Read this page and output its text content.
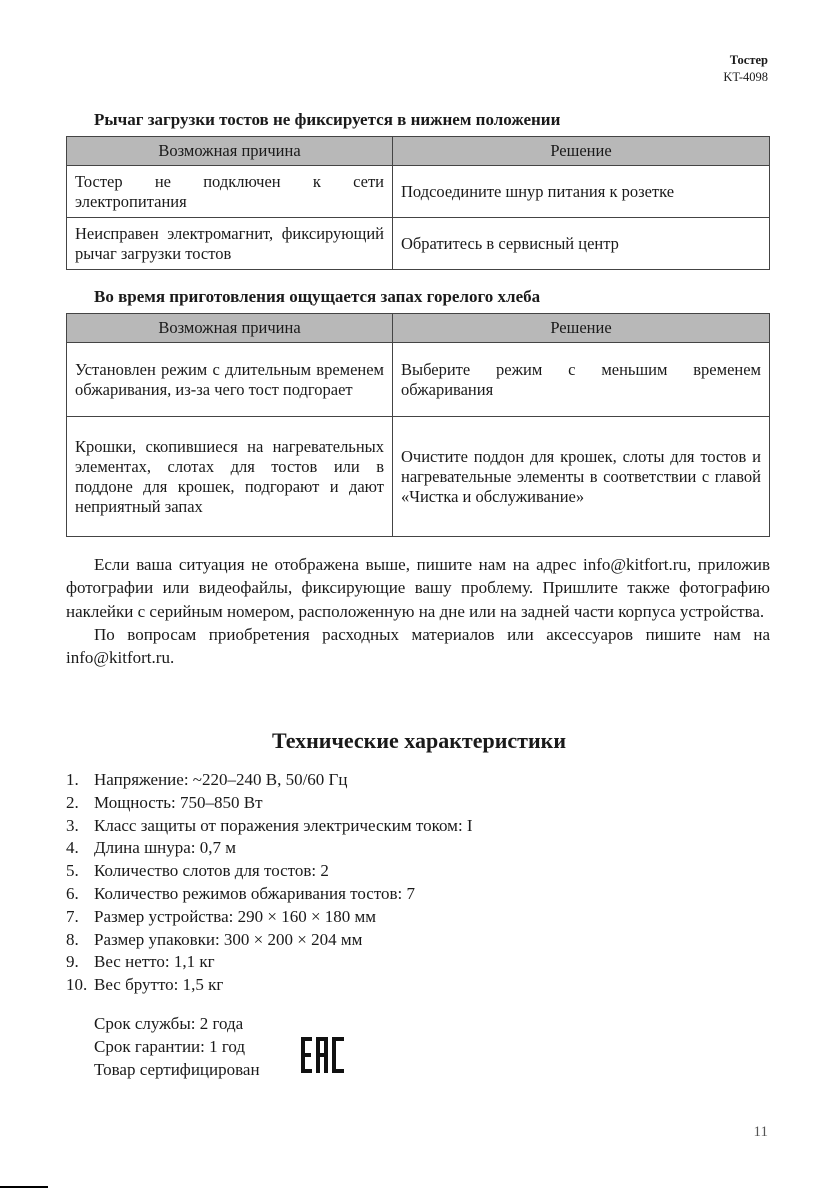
Тостер
KT-4098
Рычаг загрузки тостов не фиксируется в нижнем положении
Возможная причина	Решение
Тостер не подключен к сети электропитания	Подсоедините шнур питания к розетке
Неисправен электромагнит, фиксирующий рычаг загрузки тостов	Обратитесь в сервисный центр
Во время приготовления ощущается запах горелого хлеба
Возможная причина	Решение
Установлен режим с длительным временем обжаривания, из-за чего тост подгорает	Выберите режим с меньшим временем обжаривания
Крошки, скопившиеся на нагревательных элементах, слотах для тостов или в поддоне для крошек, подгорают и дают неприятный запах	Очистите поддон для крошек, слоты для тостов и нагревательные элементы в соответствии с главой «Чистка и обслуживание»

Если ваша ситуация не отображена выше, пишите нам на адрес info@kitfort.ru, приложив фотографии или видеофайлы, фиксирующие вашу проблему. Пришлите также фотографию наклейки с серийным номером, расположенную на дне или на задней части корпуса устройства.

По вопросам приобретения расходных материалов или аксессуаров пишите нам на info@kitfort.ru.

Технические характеристики
1. Напряжение: ~220–240 В, 50/60 Гц
2. Мощность: 750–850 Вт
3. Класс защиты от поражения электрическим током: I
4. Длина шнура: 0,7 м
5. Количество слотов для тостов: 2
6. Количество режимов обжаривания тостов: 7
7. Размер устройства: 290 × 160 × 180 мм
8. Размер упаковки: 300 × 200 × 204 мм
9. Вес нетто: 1,1 кг
10. Вес брутто: 1,5 кг
Срок службы: 2 года
Срок гарантии: 1 год
Товар сертифицирован
11
